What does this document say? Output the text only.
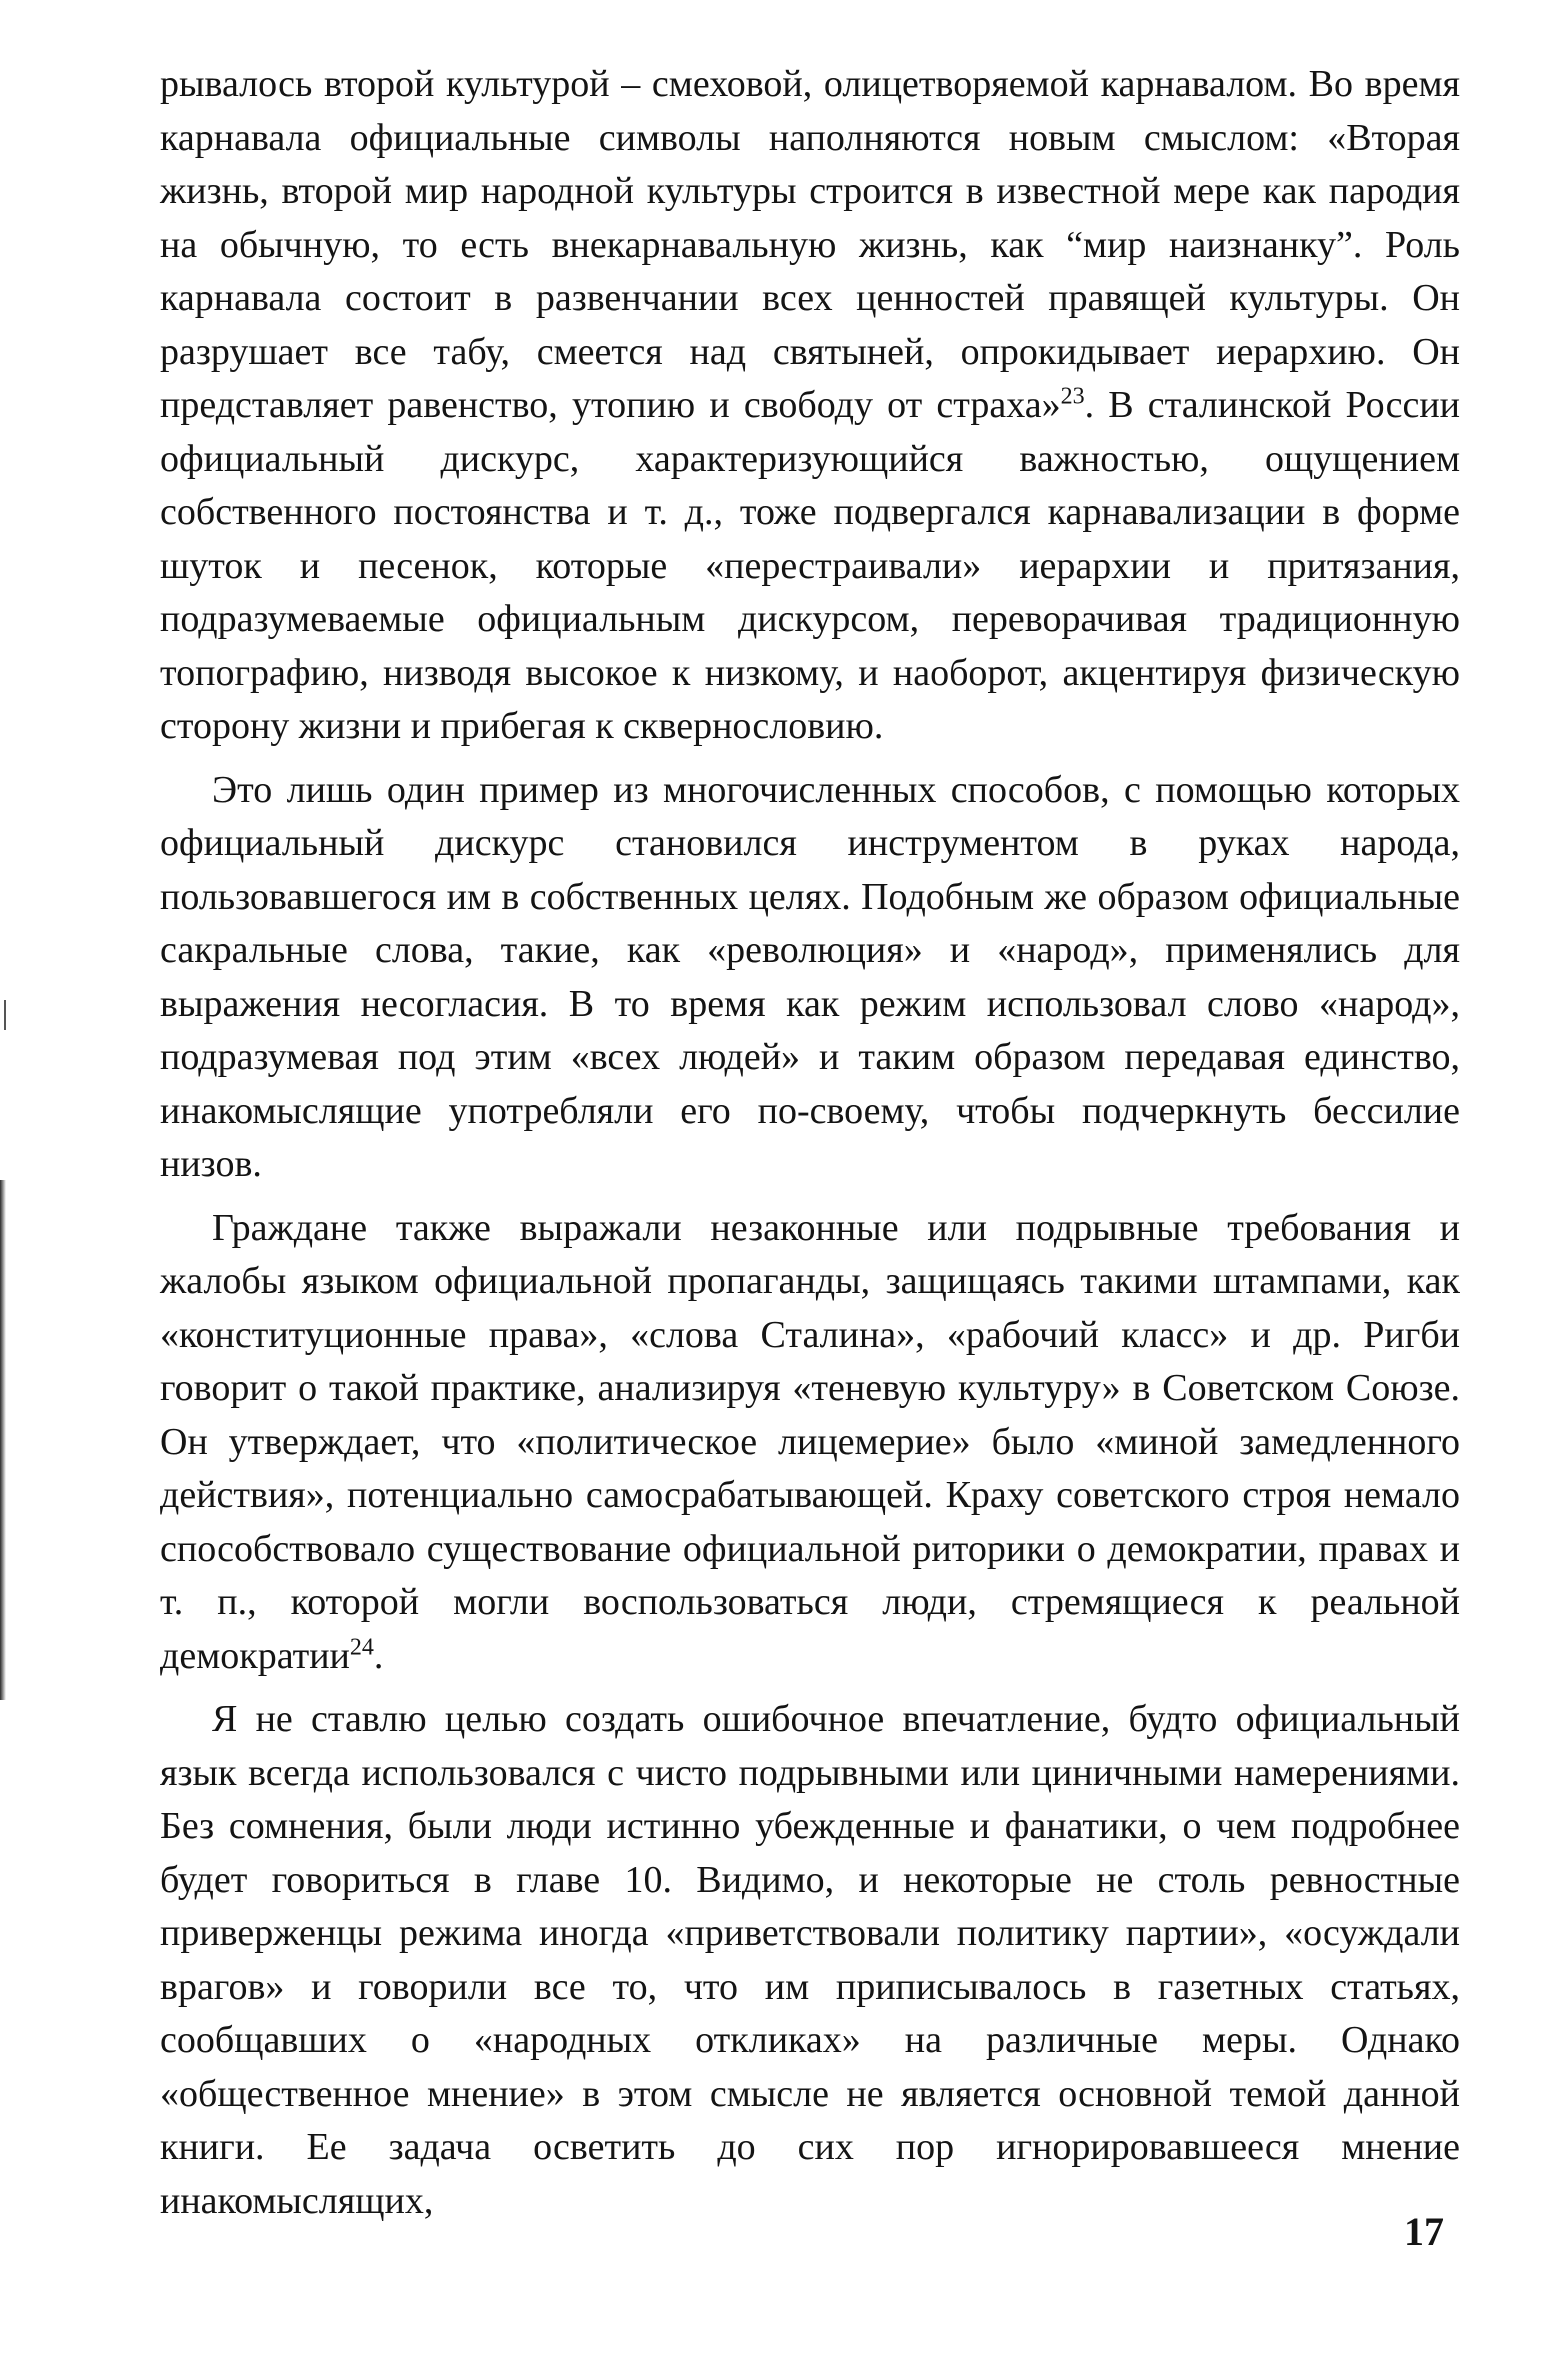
рывалось второй культурой – смеховой, олицетворяемой карнавалом. Во время карнавала официальные символы наполняются новым смыслом: «Вторая жизнь, второй мир народной культуры строится в известной мере как пародия на обычную, то есть внекарнавальную жизнь, как “мир наизнанку”. Роль карнавала состоит в развенчании всех ценностей правящей культуры. Он разрушает все табу, смеется над святыней, опрокидывает иерархию. Он представляет равенство, утопию и свободу от страха»$^{23}$. В сталинской России официальный дискурс, характеризующийся важностью, ощущением собственного постоянства и т. д., тоже подвергался карнавализации в форме шуток и песенок, которые «перестраивали» иерархии и притязания, подразумеваемые официальным дискурсом, переворачивая традиционную топографию, низводя высокое к низкому, и наоборот, акцентируя физическую сторону жизни и прибегая к сквернословию.

Это лишь один пример из многочисленных способов, с помощью которых официальный дискурс становился инструментом в руках народа, пользовавшегося им в собственных целях. Подобным же образом официальные сакральные слова, такие, как «революция» и «народ», применялись для выражения несогласия. В то время как режим использовал слово «народ», подразумевая под этим «всех людей» и таким образом передавая единство, инакомыслящие употребляли его по-своему, чтобы подчеркнуть бессилие низов.

Граждане также выражали незаконные или подрывные требования и жалобы языком официальной пропаганды, защищаясь такими штампами, как «конституционные права», «слова Сталина», «рабочий класс» и др. Ригби говорит о такой практике, анализируя «теневую культуру» в Советском Союзе. Он утверждает, что «политическое лицемерие» было «миной замедленного действия», потенциально самосрабатывающей. Краху советского строя немало способствовало существование официальной риторики о демократии, правах и т. п., которой могли воспользоваться люди, стремящиеся к реальной демократии$^{24}$.

Я не ставлю целью создать ошибочное впечатление, будто официальный язык всегда использовался с чисто подрывными или циничными намерениями. Без сомнения, были люди истинно убежденные и фанатики, о чем подробнее будет говориться в главе 10. Видимо, и некоторые не столь ревностные приверженцы режима иногда «приветствовали политику партии», «осуждали врагов» и говорили все то, что им приписывалось в газетных статьях, сообщавших о «народных откликах» на различные меры. Однако «общественное мнение» в этом смысле не является основной темой данной книги. Ее задача осветить до сих пор игнорировавшееся мнение инакомыслящих,

17
